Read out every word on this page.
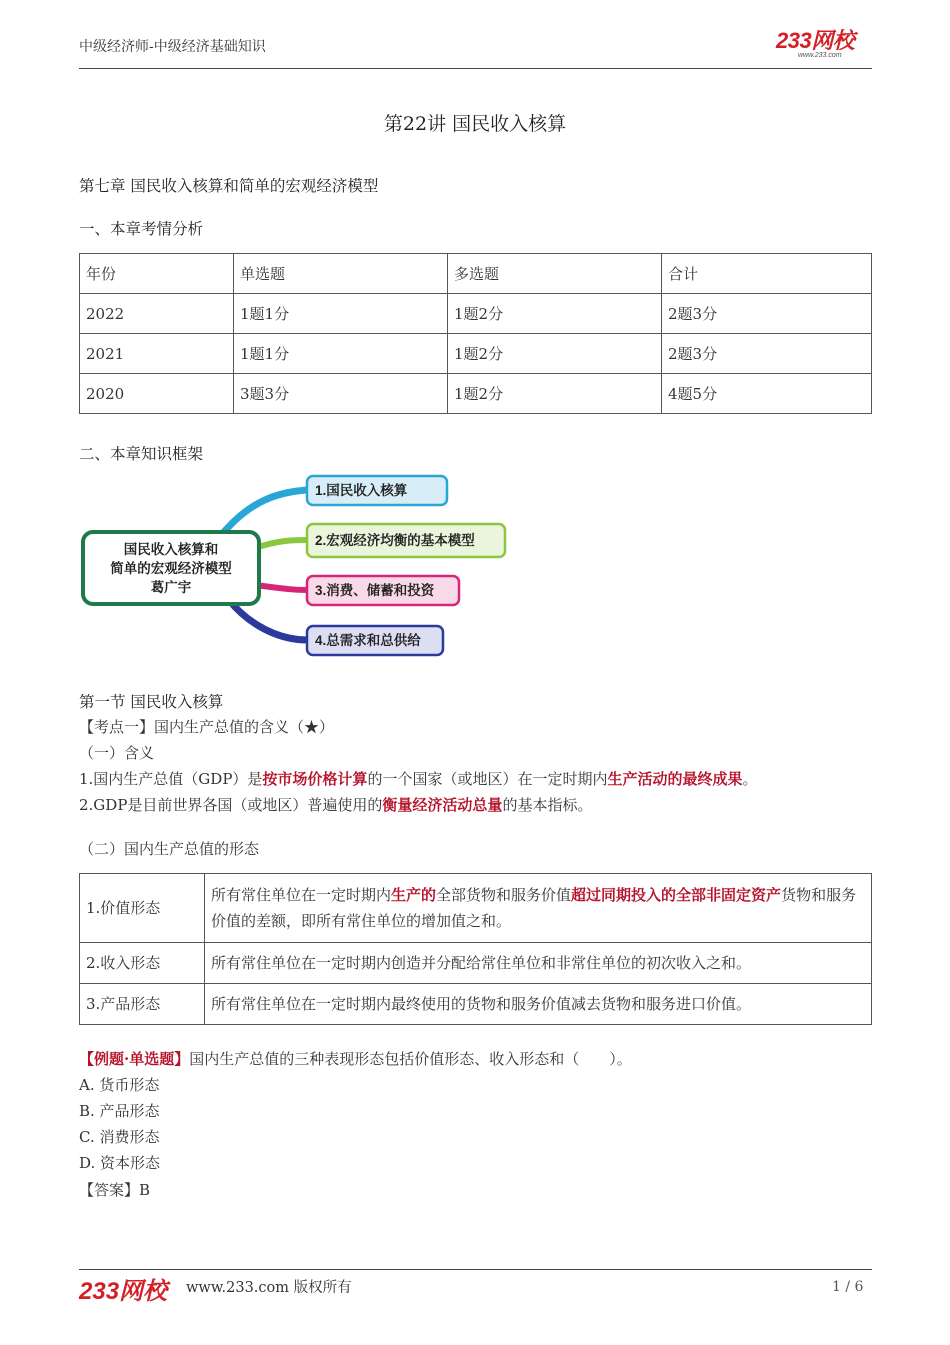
中级经济师-中级经济基础知识	233网校
www.233.com
第22讲 国民收入核算
第七章 国民收入核算和简单的宏观经济模型
一、本章考情分析
年份	单选题	多选题	合计
2022	1题1分	1题2分	2题3分
2021	1题1分	1题2分	2题3分
2020	3题3分	1题2分	4题5分
二、本章知识框架
国民收入核算和
简单的宏观经济模型
葛广宇
1.国民收入核算
2.宏观经济均衡的基本模型
3.消费、储蓄和投资
4.总需求和总供给
第一节 国民收入核算
【考点一】国内生产总值的含义（★）
（一）含义
1.国内生产总值（GDP）是按市场价格计算的一个国家（或地区）在一定时期内生产活动的最终成果。
2.GDP是目前世界各国（或地区）普遍使用的衡量经济活动总量的基本指标。
（二）国内生产总值的形态
1.价值形态	所有常住单位在一定时期内生产的全部货物和服务价值超过同期投入的全部非固定资产货物和服务价值的差额，即所有常住单位的增加值之和。
2.收入形态	所有常住单位在一定时期内创造并分配给常住单位和非常住单位的初次收入之和。
3.产品形态	所有常住单位在一定时期内最终使用的货物和服务价值减去货物和服务进口价值。
【例题·单选题】国内生产总值的三种表现形态包括价值形态、收入形态和（　　）。
A. 货币形态
B. 产品形态
C. 消费形态
D. 资本形态
【答案】B
233网校 www.233.com 版权所有	1 / 6
